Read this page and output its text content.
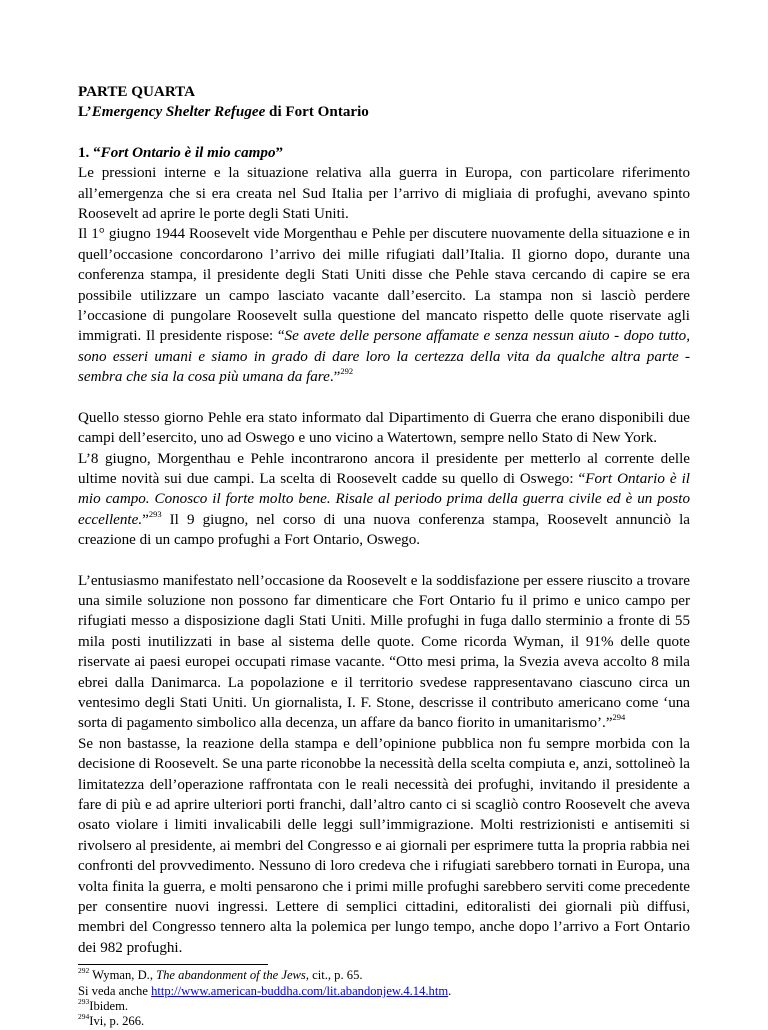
PARTE QUARTA

L’Emergency Shelter Refugee di Fort Ontario

1. “Fort Ontario è il mio campo”

Le pressioni interne e la situazione relativa alla guerra in Europa, con particolare riferimento all’emergenza che si era creata nel Sud Italia per l’arrivo di migliaia di profughi, avevano spinto Roosevelt ad aprire le porte degli Stati Uniti.

Il 1° giugno 1944 Roosevelt vide Morgenthau e Pehle per discutere nuovamente della situazione e in quell’occasione concordarono l’arrivo dei mille rifugiati dall’Italia. Il giorno dopo, durante una conferenza stampa, il presidente degli Stati Uniti disse che Pehle stava cercando di capire se era possibile utilizzare un campo lasciato vacante dall’esercito. La stampa non si lasciò perdere l’occasione di pungolare Roosevelt sulla questione del mancato rispetto delle quote riservate agli immigrati. Il presidente rispose: “Se avete delle persone affamate e senza nessun aiuto - dopo tutto, sono esseri umani e siamo in grado di dare loro la certezza della vita da qualche altra parte - sembra che sia la cosa più umana da fare.”$^{292}$

Quello stesso giorno Pehle era stato informato dal Dipartimento di Guerra che erano disponibili due campi dell’esercito, uno ad Oswego e uno vicino a Watertown, sempre nello Stato di New York.

L’8 giugno, Morgenthau e Pehle incontrarono ancora il presidente per metterlo al corrente delle ultime novità sui due campi. La scelta di Roosevelt cadde su quello di Oswego: “Fort Ontario è il mio campo. Conosco il forte molto bene. Risale al periodo prima della guerra civile ed è un posto eccellente.”$^{293}$ Il 9 giugno, nel corso di una nuova conferenza stampa, Roosevelt annunciò la creazione di un campo profughi a Fort Ontario, Oswego.

L’entusiasmo manifestato nell’occasione da Roosevelt e la soddisfazione per essere riuscito a trovare una simile soluzione non possono far dimenticare che Fort Ontario fu il primo e unico campo per rifugiati messo a disposizione dagli Stati Uniti. Mille profughi in fuga dallo sterminio a fronte di 55 mila posti inutilizzati in base al sistema delle quote. Come ricorda Wyman, il 91% delle quote riservate ai paesi europei occupati rimase vacante. “Otto mesi prima, la Svezia aveva accolto 8 mila ebrei dalla Danimarca. La popolazione e il territorio svedese rappresentavano ciascuno circa un ventesimo degli Stati Uniti. Un giornalista, I. F. Stone, descrisse il contributo americano come ‘una sorta di pagamento simbolico alla decenza, un affare da banco fiorito in umanitarismo’.”$^{294}$

Se non bastasse, la reazione della stampa e dell’opinione pubblica non fu sempre morbida con la decisione di Roosevelt. Se una parte riconobbe la necessità della scelta compiuta e, anzi, sottolineò la limitatezza dell’operazione raffrontata con le reali necessità dei profughi, invitando il presidente a fare di più e ad aprire ulteriori porti franchi, dall’altro canto ci si scagliò contro Roosevelt che aveva osato violare i limiti invalicabili delle leggi sull’immigrazione. Molti restrizionisti e antisemiti si rivolsero al presidente, ai membri del Congresso e ai giornali per esprimere tutta la propria rabbia nei confronti del provvedimento. Nessuno di loro credeva che i rifugiati sarebbero tornati in Europa, una volta finita la guerra, e molti pensarono che i primi mille profughi sarebbero serviti come precedente per consentire nuovi ingressi. Lettere di semplici cittadini, editoralisti dei giornali più diffusi, membri del Congresso tennero alta la polemica per lungo tempo, anche dopo l’arrivo a Fort Ontario dei 982 profughi.

$^{292}$ Wyman, D., The abandonment of the Jews, cit., p. 65.

Si veda anche http://www.american-buddha.com/lit.abandonjew.4.14.htm.

$^{293}$Ibidem.

$^{294}$Ivi, p. 266.
